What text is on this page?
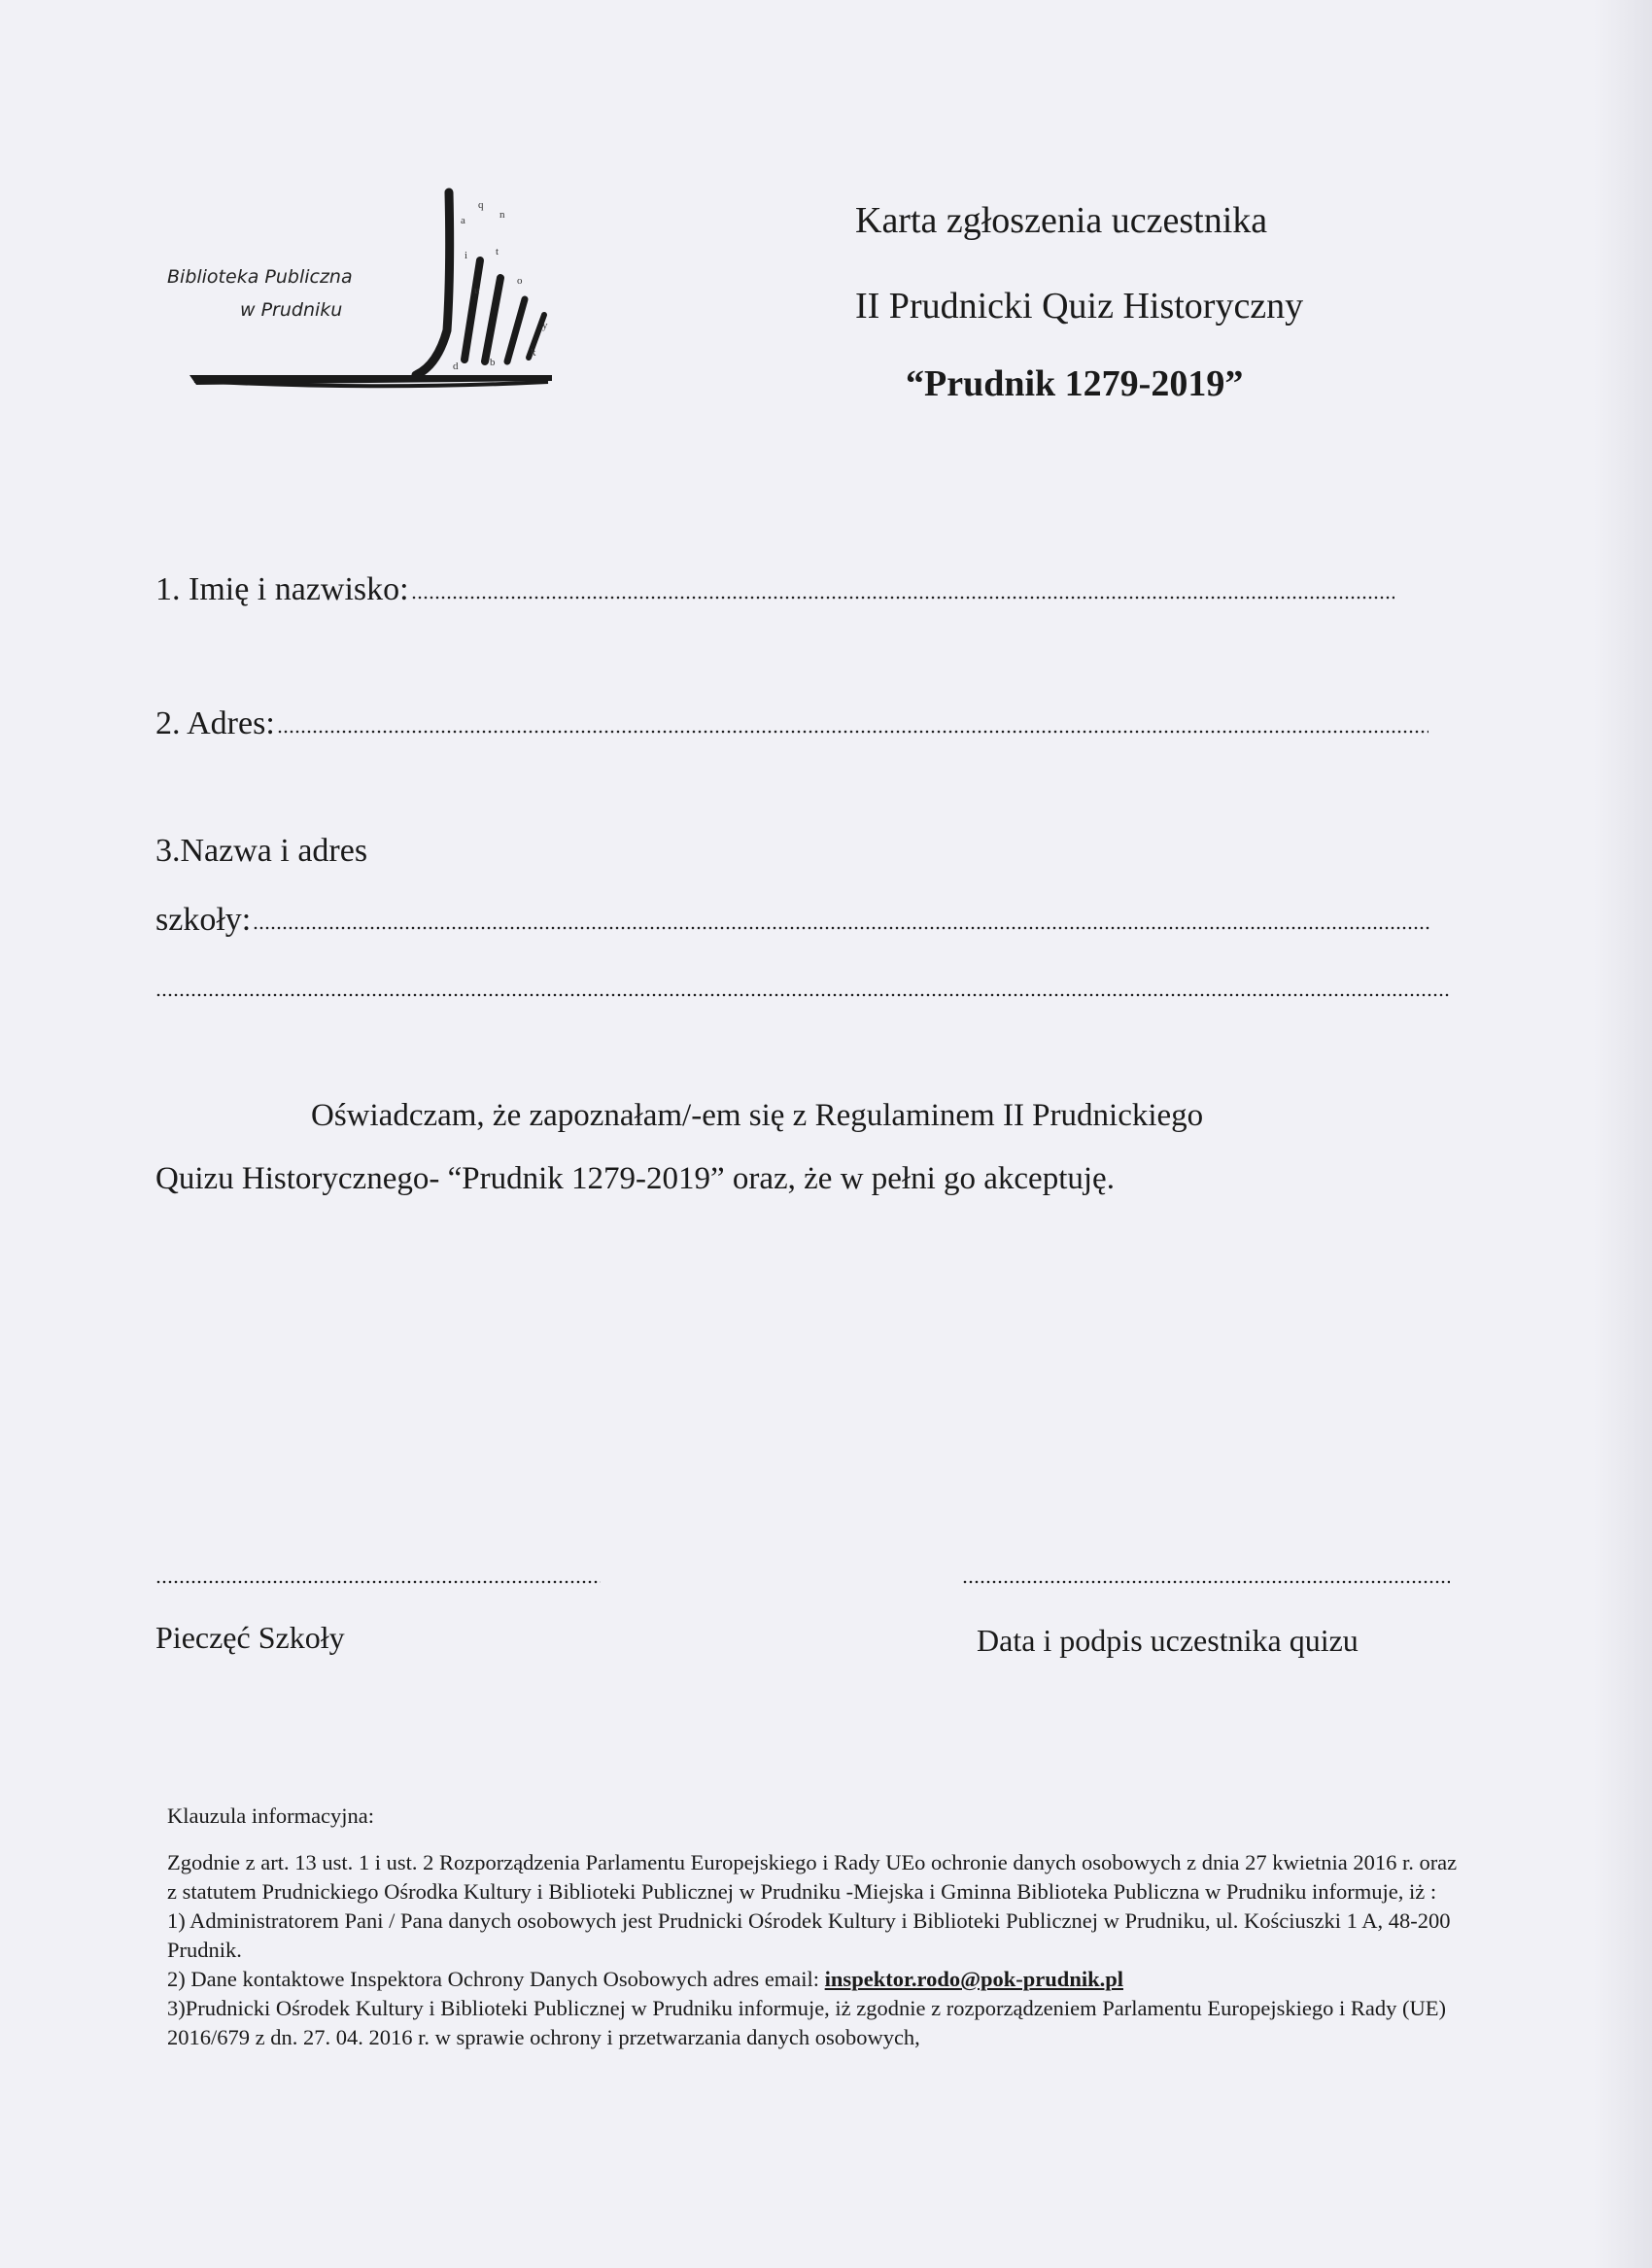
a
q
n
t
i
u
o
y
k
b
d
Biblioteka Publiczna
w Prudniku
Karta zgłoszenia uczestnika
II Prudnicki Quiz Historyczny
“Prudnik 1279-2019”
1. Imię i nazwisko:
2. Adres:
3.Nazwa i adres
szkoły:
Oświadczam, że zapoznałam/-em się z Regulaminem II Prudnickiego
Quizu Historycznego- “Prudnik 1279-2019” oraz, że w pełni go akceptuję.
Pieczęć Szkoły	Data i podpis uczestnika quizu

Klauzula informacyjna:

Zgodnie z art. 13 ust. 1 i ust. 2 Rozporządzenia Parlamentu Europejskiego i Rady UEo ochronie danych osobowych z dnia 27 kwietnia 2016 r. oraz z statutem Prudnickiego Ośrodka Kultury i Biblioteki Publicznej w Prudniku -Miejska i Gminna Biblioteka Publiczna w Prudniku informuje, iż :

1) Administratorem Pani / Pana danych osobowych jest Prudnicki Ośrodek Kultury i Biblioteki Publicznej w Prudniku, ul. Kościuszki 1 A, 48-200 Prudnik.

2) Dane kontaktowe Inspektora Ochrony Danych Osobowych adres email: inspektor.rodo@pok-prudnik.pl

3)Prudnicki Ośrodek Kultury i Biblioteki Publicznej w Prudniku informuje, iż zgodnie z rozporządzeniem Parlamentu Europejskiego i Rady (UE) 2016/679 z dn. 27. 04. 2016 r. w sprawie ochrony i przetwarzania danych osobowych,
